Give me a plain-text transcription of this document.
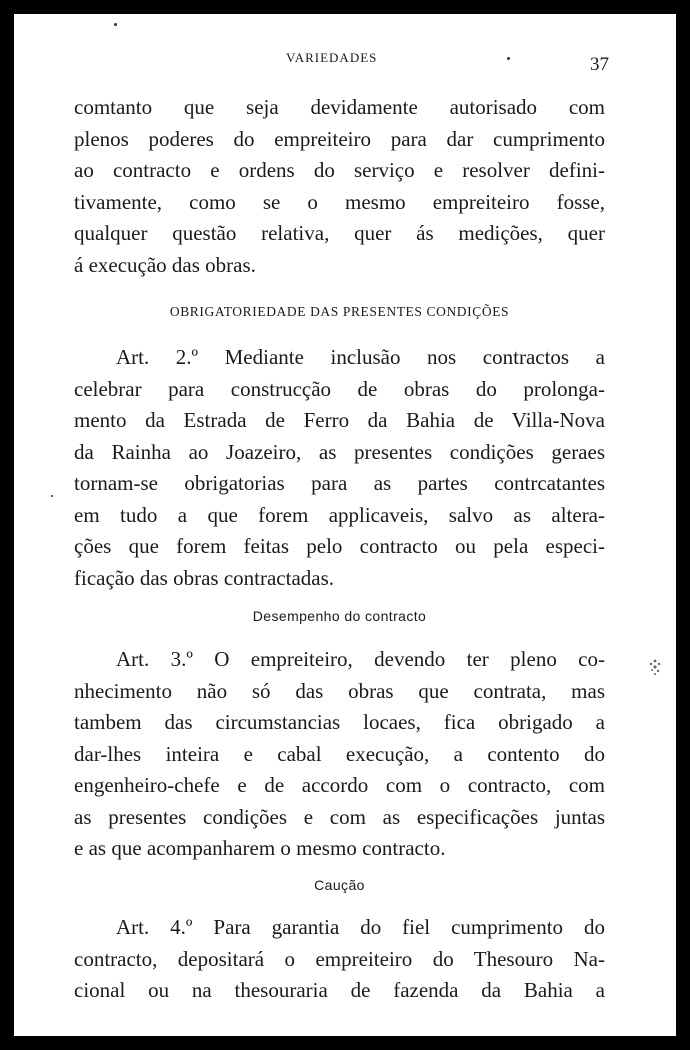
VARIEDADES	37
comtanto que seja devidamente autorisado com
plenos poderes do empreiteiro para dar cumprimento
ao contracto e ordens do serviço e resolver defini-
tivamente, como se o mesmo empreiteiro fosse,
qualquer questão relativa, quer ás medições, quer
á execução das obras.
OBRIGATORIEDADE DAS PRESENTES CONDIÇÕES
Art. 2.º Mediante inclusão nos contractos a
celebrar para construcção de obras do prolonga-
mento da Estrada de Ferro da Bahia de Villa-Nova
da Rainha ao Joazeiro, as presentes condições geraes
tornam-se obrigatorias para as partes contrcatantes
em tudo a que forem applicaveis, salvo as altera-
ções que forem feitas pelo contracto ou pela especi-
ficação das obras contractadas.
Desempenho do contracto
Art. 3.º O empreiteiro, devendo ter pleno co-
nhecimento não só das obras que contrata, mas
tambem das circumstancias locaes, fica obrigado a
dar-lhes inteira e cabal execução, a contento do
engenheiro-chefe e de accordo com o contracto, com
as presentes condições e com as especificações juntas
e as que acompanharem o mesmo contracto.
Caução
Art. 4.º Para garantia do fiel cumprimento do
contracto, depositará o empreiteiro do Thesouro Na-
cional ou na thesouraria de fazenda da Bahia a
